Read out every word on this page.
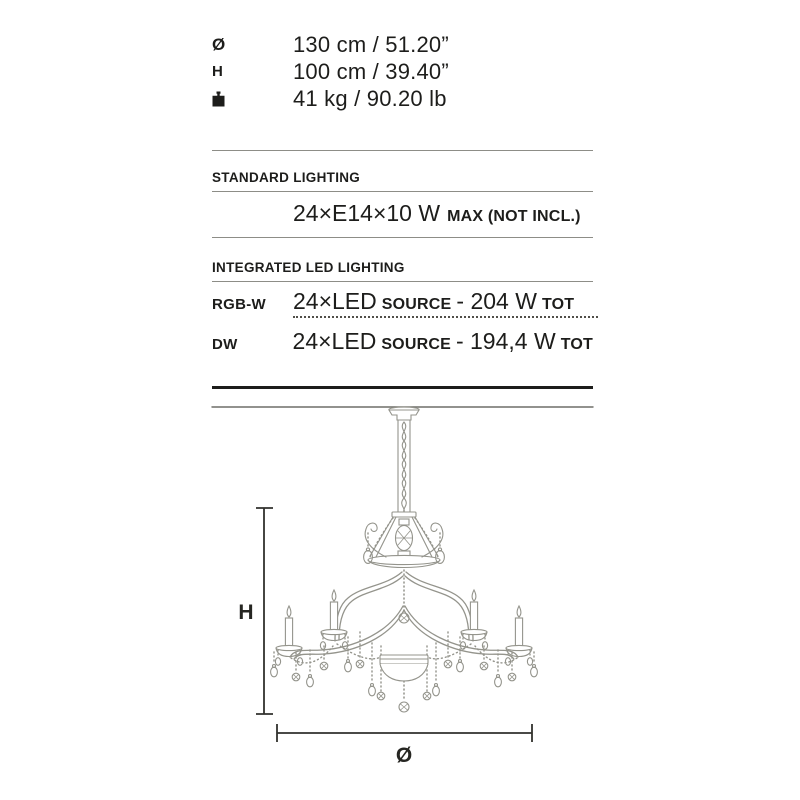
Ø	130 cm / 51.20”
H	100 cm / 39.40”
41 kg / 90.20 lb
STANDARD LIGHTING
24×E14×10 W MAX (NOT INCL.)
INTEGRATED LED LIGHTING
RGB-W	24×LED SOURCE - 204 W TOT
DW	24×LED SOURCE - 194,4 W TOT
H
Ø
